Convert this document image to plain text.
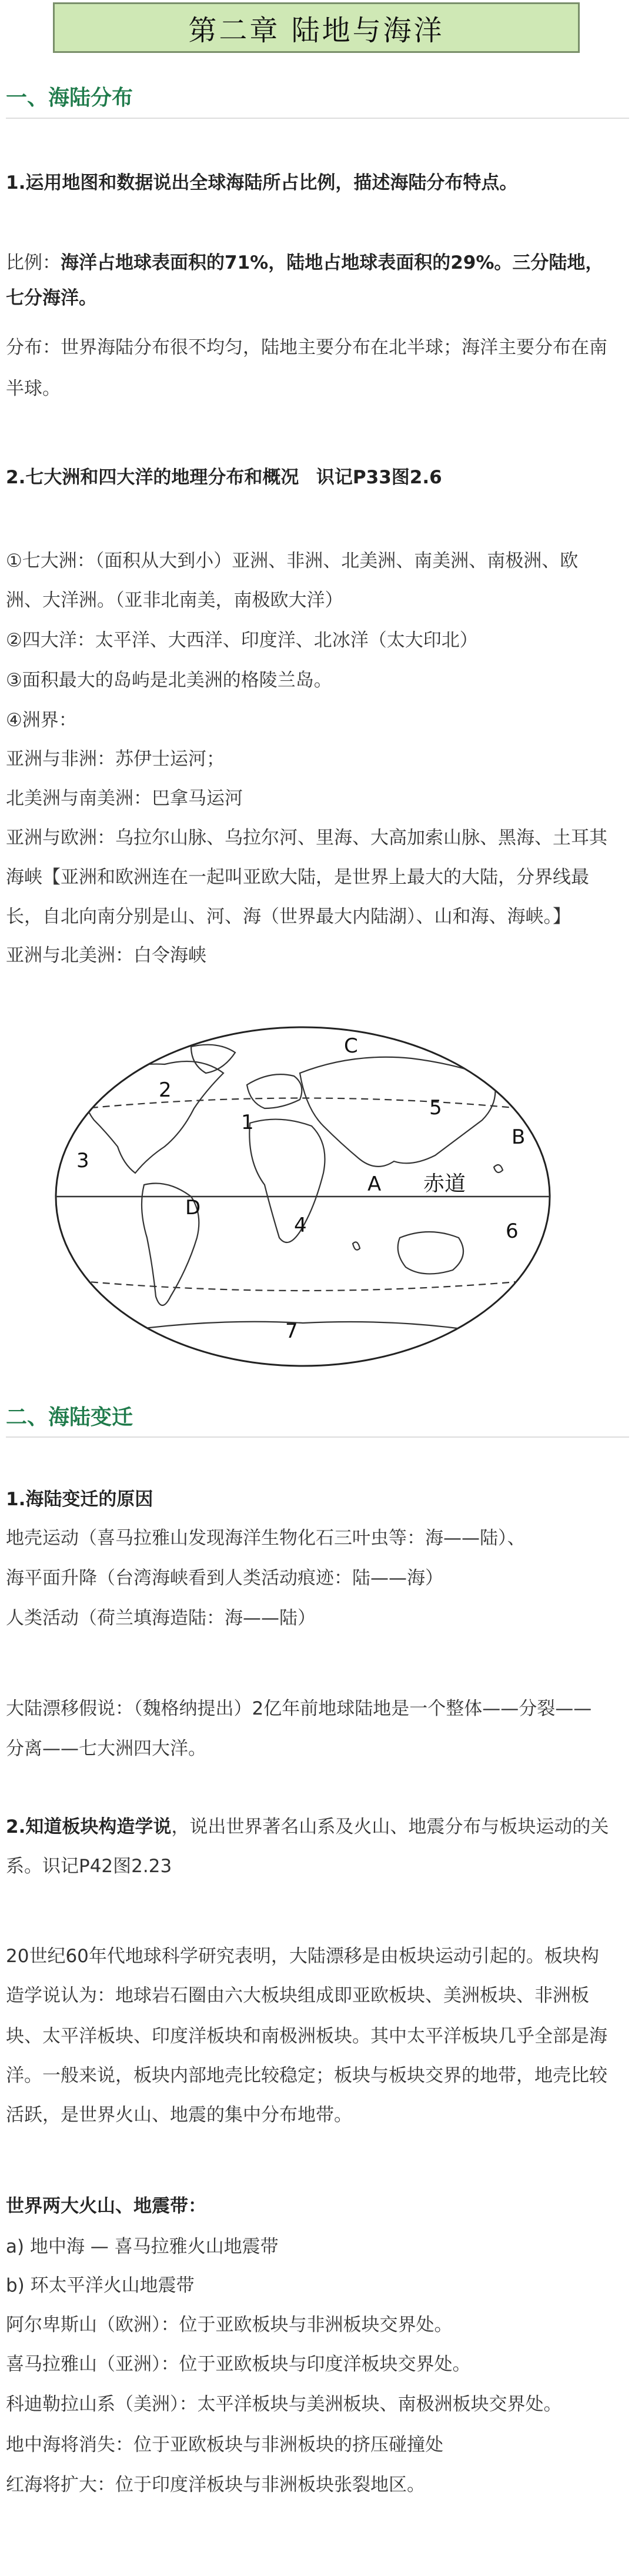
第二章 陆地与海洋
一、海陆分布
1.运用地图和数据说出全球海陆所占比例，描述海陆分布特点。
比例：海洋占地球表面积的71%，陆地占地球表面积的29%。三分陆地，
七分海洋。
分布：世界海陆分布很不均匀，陆地主要分布在北半球；海洋主要分布在南
半球。
2.七大洲和四大洋的地理分布和概况 识记P33图2.6
①七大洲：（面积从大到小）亚洲、非洲、北美洲、南美洲、南极洲、欧
洲、大洋洲。（亚非北南美，南极欧大洋）
②四大洋：太平洋、大西洋、印度洋、北冰洋（太大印北）
③面积最大的岛屿是北美洲的格陵兰岛。
④洲界：
亚洲与非洲：苏伊士运河；
北美洲与南美洲：巴拿马运河
亚洲与欧洲：乌拉尔山脉、乌拉尔河、里海、大高加索山脉、黑海、土耳其
海峡【亚洲和欧洲连在一起叫亚欧大陆，是世界上最大的大陆，分界线最
长，自北向南分别是山、河、海（世界最大内陆湖）、山和海、海峡。】
亚洲与北美洲：白令海峡
C
2
1
5
B
3
A
D
6
4
7
赤道
二、海陆变迁
1.海陆变迁的原因
地壳运动（喜马拉雅山发现海洋生物化石三叶虫等：海——陆）、
海平面升降（台湾海峡看到人类活动痕迹：陆——海）
人类活动（荷兰填海造陆：海——陆）
大陆漂移假说：（魏格纳提出）2亿年前地球陆地是一个整体——分裂——
分离——七大洲四大洋。
2.知道板块构造学说，说出世界著名山系及火山、地震分布与板块运动的关
系。识记P42图2.23
20世纪60年代地球科学研究表明，大陆漂移是由板块运动引起的。板块构
造学说认为：地球岩石圈由六大板块组成即亚欧板块、美洲板块、非洲板
块、太平洋板块、印度洋板块和南极洲板块。其中太平洋板块几乎全部是海
洋。一般来说，板块内部地壳比较稳定；板块与板块交界的地带，地壳比较
活跃，是世界火山、地震的集中分布地带。
世界两大火山、地震带：
a) 地中海 — 喜马拉雅火山地震带
b) 环太平洋火山地震带
阿尔卑斯山（欧洲）：位于亚欧板块与非洲板块交界处。
喜马拉雅山（亚洲）：位于亚欧板块与印度洋板块交界处。
科迪勒拉山系（美洲）：太平洋板块与美洲板块、南极洲板块交界处。
地中海将消失：位于亚欧板块与非洲板块的挤压碰撞处
红海将扩大：位于印度洋板块与非洲板块张裂地区。
